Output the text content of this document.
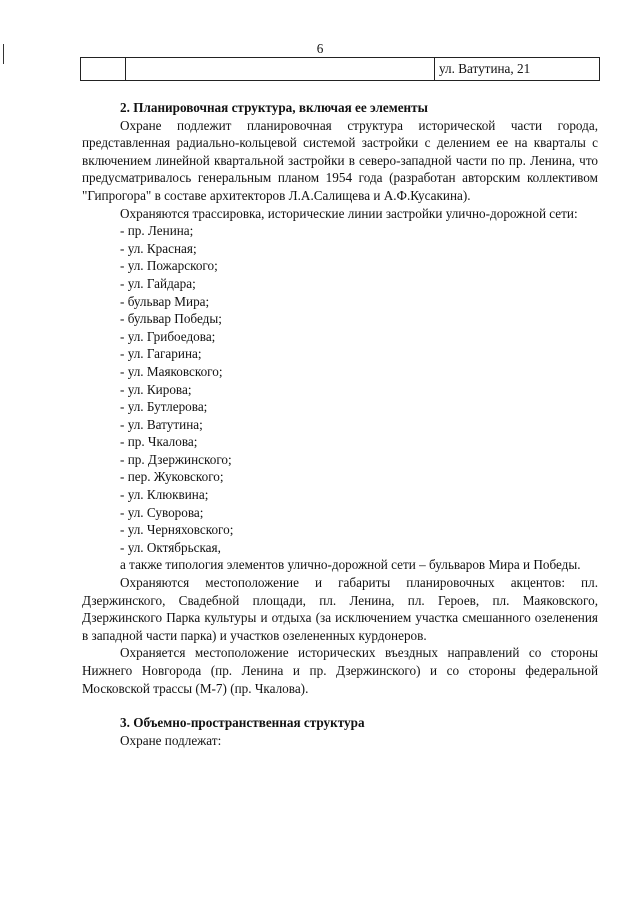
6
		ул. Ватутина, 21

2. Планировочная структура, включая ее элементы

Охране подлежит планировочная структура исторической части города, представленная радиально-кольцевой системой застройки с делением ее на кварталы с включением линейной квартальной застройки в северо-западной части по пр. Ленина, что предусматривалось генеральным планом 1954 года (разработан авторским коллективом "Гипрогора" в составе архитекторов Л.А.Салищева и А.Ф.Кусакина).

Охраняются трассировка, исторические линии застройки улично-дорожной сети:

- пр. Ленина;
- ул. Красная;
- ул. Пожарского;
- ул. Гайдара;
- бульвар Мира;
- бульвар Победы;
- ул. Грибоедова;
- ул. Гагарина;
- ул. Маяковского;
- ул. Кирова;
- ул. Бутлерова;
- ул. Ватутина;
- пр. Чкалова;
- пр. Дзержинского;
- пер. Жуковского;
- ул. Клюквина;
- ул. Суворова;
- ул. Черняховского;
- ул. Октябрьская,

а также типология элементов улично-дорожной сети – бульваров Мира и Победы.

Охраняются местоположение и габариты планировочных акцентов: пл. Дзержинского, Свадебной площади, пл. Ленина, пл. Героев, пл. Маяковского, Дзержинского Парка культуры и отдыха (за исключением участка смешанного озеленения в западной части парка) и участков озелененных курдонеров.

Охраняется местоположение исторических въездных направлений со стороны Нижнего Новгорода (пр. Ленина и пр. Дзержинского) и со стороны федеральной Московской трассы (М-7) (пр. Чкалова).

3. Объемно-пространственная структура

Охране подлежат:
